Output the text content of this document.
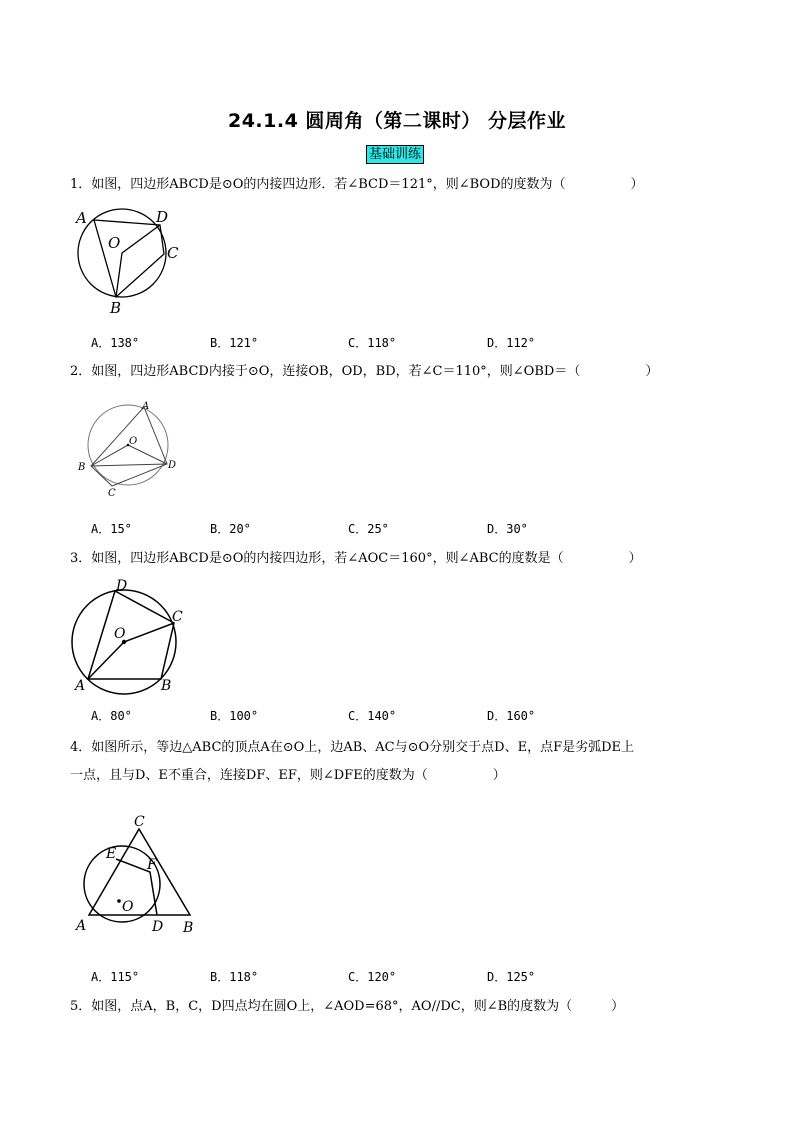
24.1.4 圆周角（第二课时） 分层作业
基础训练
1．如图，四边形ABCD是⊙O的内接四边形．若∠BCD＝121°，则∠BOD的度数为（　　　　　）
A	D
C
B
O
A．138°	B．121°	C．118°	D．112°
2．如图，四边形ABCD内接于⊙O，连接OB，OD，BD，若∠C＝110°，则∠OBD＝（　　　　　）
A
B
C
D
O
A．15°	B．20°	C．25°	D．30°
3．如图，四边形ABCD是⊙O的内接四边形，若∠AOC＝160°，则∠ABC的度数是（　　　　　）
D
C
O
A	B
A．80°	B．100°	C．140°	D．160°
4．如图所示，等边△ABC的顶点A在⊙O上，边AB、AC与⊙O分别交于点D、E，点F是劣弧DE上
一点，且与D、E不重合，连接DF、EF，则∠DFE的度数为（　　　　　）
C
E
F
O
A	D B
A．115°	B．118°	C．120°	D．125°
5．如图，点A，B，C，D四点均在圆O上，∠AOD=68°，AO//DC，则∠B的度数为（　　　）
